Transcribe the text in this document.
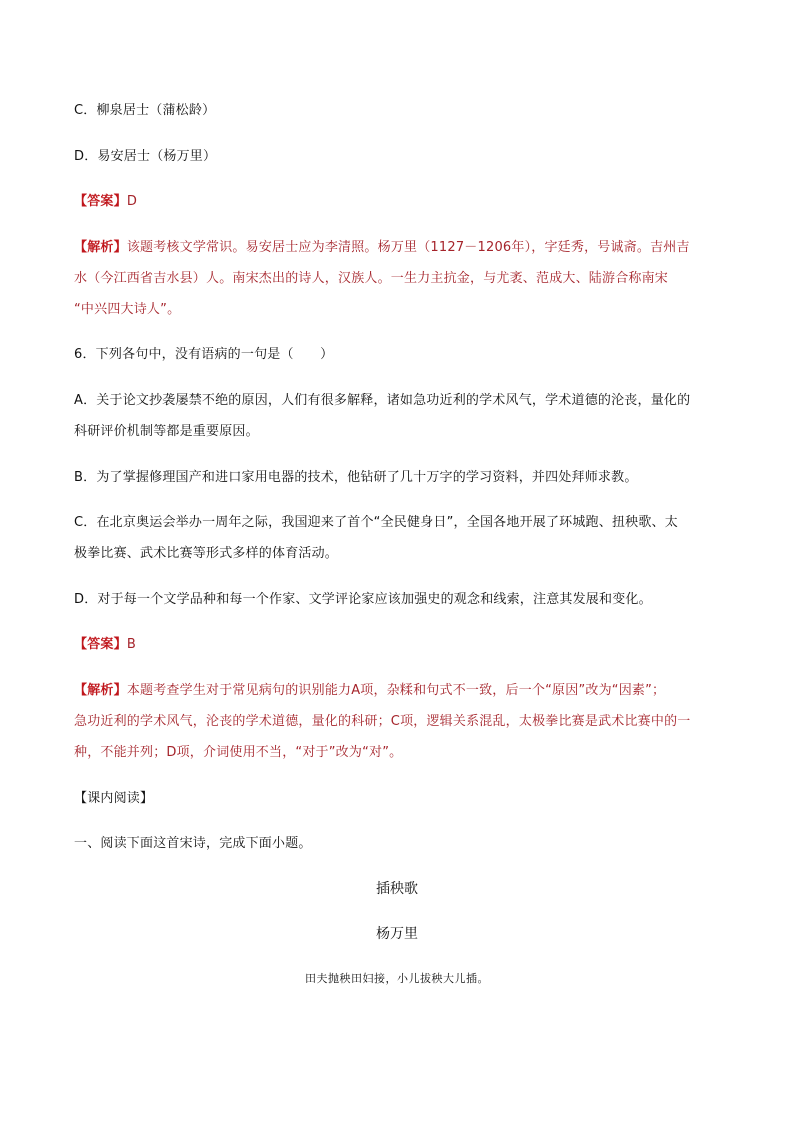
C．柳泉居士（蒲松龄）
D．易安居士（杨万里）
【答案】D
【解析】该题考核文学常识。易安居士应为李清照。杨万里（1127－1206年），字廷秀，号诚斋。吉州吉
水（今江西省吉水县）人。南宋杰出的诗人，汉族人。一生力主抗金，与尤袤、范成大、陆游合称南宋
“中兴四大诗人”。
6．下列各句中，没有语病的一句是（　　）
A．关于论文抄袭屡禁不绝的原因，人们有很多解释，诸如急功近利的学术风气，学术道德的沦丧，量化的
科研评价机制等都是重要原因。
B．为了掌握修理国产和进口家用电器的技术，他钻研了几十万字的学习资料，并四处拜师求教。
C．在北京奥运会举办一周年之际，我国迎来了首个“全民健身日”，全国各地开展了环城跑、扭秧歌、太
极拳比赛、武术比赛等形式多样的体育活动。
D．对于每一个文学品种和每一个作家、文学评论家应该加强史的观念和线索，注意其发展和变化。
【答案】B
【解析】本题考查学生对于常见病句的识别能力A项，杂糅和句式不一致，后一个“原因”改为“因素”；
急功近利的学术风气，沦丧的学术道德，量化的科研；C项，逻辑关系混乱，太极拳比赛是武术比赛中的一
种，不能并列；D项，介词使用不当，“对于”改为“对”。
【课内阅读】
一、阅读下面这首宋诗，完成下面小题。
插秧歌
杨万里
田夫抛秧田妇接，小儿拔秧大儿插。
